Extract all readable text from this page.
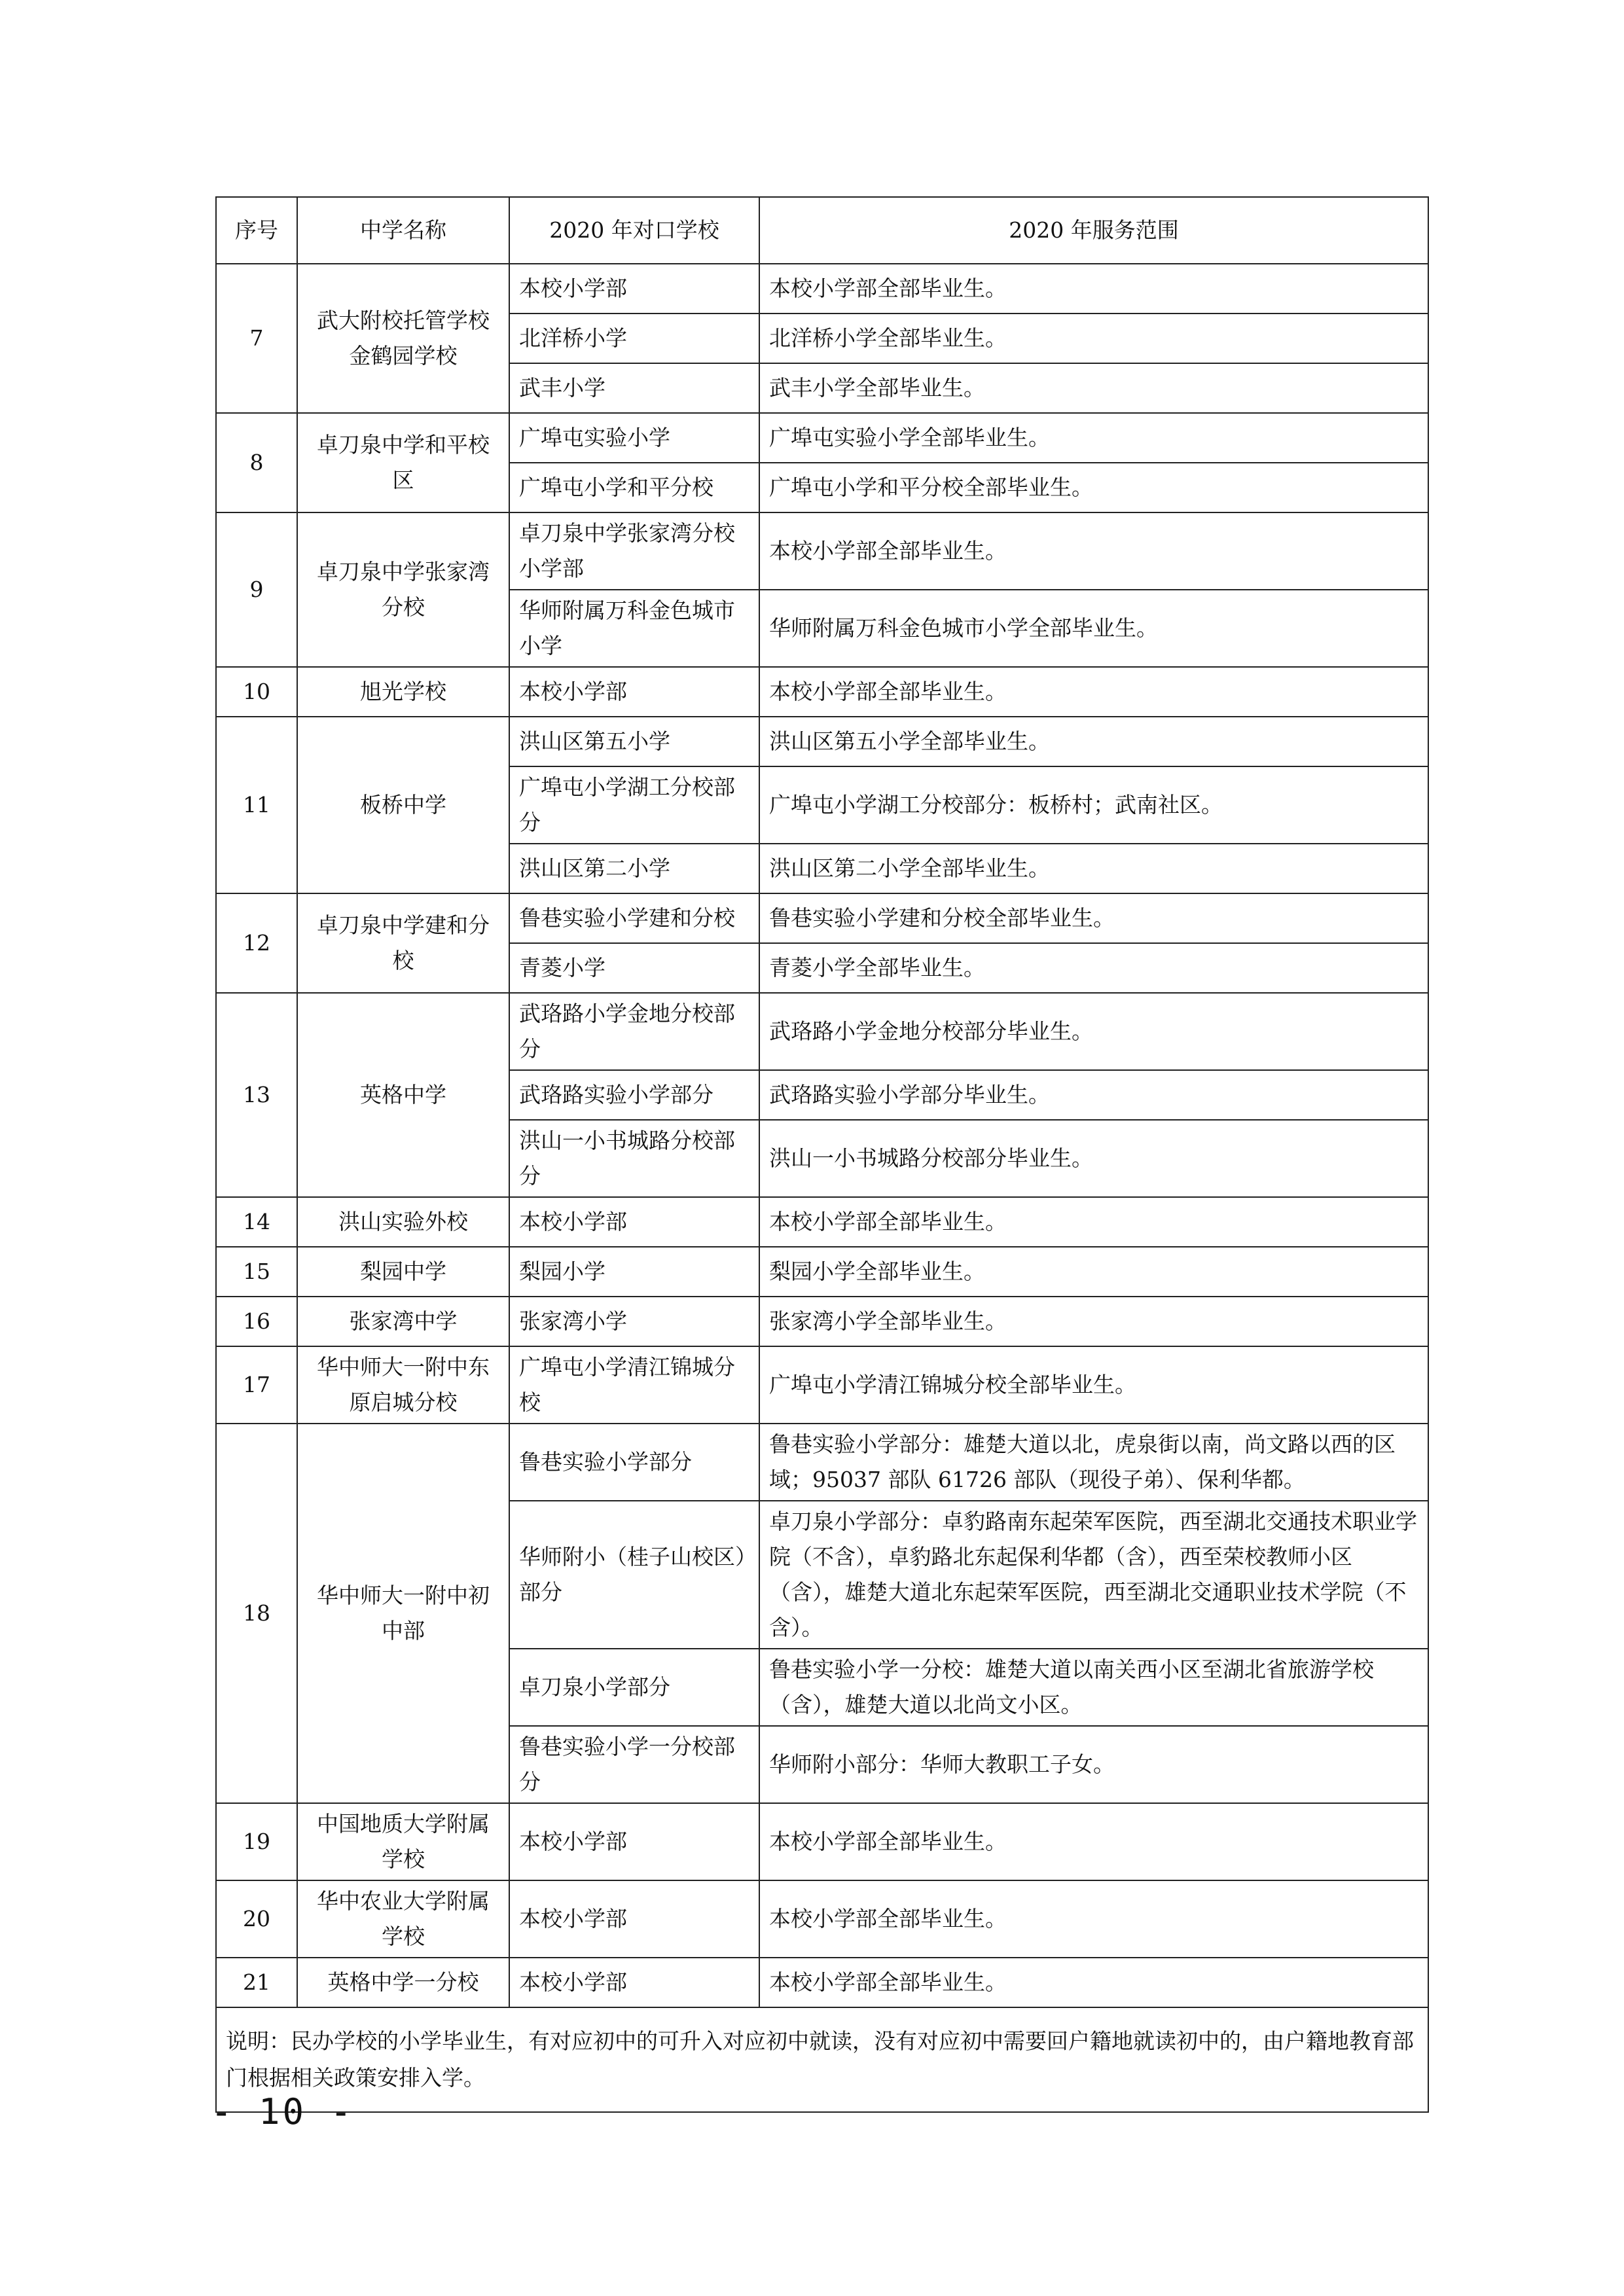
序号	中学名称	2020 年对口学校	2020 年服务范围
7	武大附校托管学校金鹤园学校	本校小学部	本校小学部全部毕业生。
		北洋桥小学	北洋桥小学全部毕业生。
		武丰小学	武丰小学全部毕业生。
8	卓刀泉中学和平校区	广埠屯实验小学	广埠屯实验小学全部毕业生。
		广埠屯小学和平分校	广埠屯小学和平分校全部毕业生。
9	卓刀泉中学张家湾分校	卓刀泉中学张家湾分校小学部	本校小学部全部毕业生。
		华师附属万科金色城市小学	华师附属万科金色城市小学全部毕业生。
10	旭光学校	本校小学部	本校小学部全部毕业生。
11	板桥中学	洪山区第五小学	洪山区第五小学全部毕业生。
		广埠屯小学湖工分校部分	广埠屯小学湖工分校部分：板桥村；武南社区。
		洪山区第二小学	洪山区第二小学全部毕业生。
12	卓刀泉中学建和分校	鲁巷实验小学建和分校	鲁巷实验小学建和分校全部毕业生。
		青菱小学	青菱小学全部毕业生。
13	英格中学	武珞路小学金地分校部分	武珞路小学金地分校部分毕业生。
		武珞路实验小学部分	武珞路实验小学部分毕业生。
		洪山一小书城路分校部分	洪山一小书城路分校部分毕业生。
14	洪山实验外校	本校小学部	本校小学部全部毕业生。
15	梨园中学	梨园小学	梨园小学全部毕业生。
16	张家湾中学	张家湾小学	张家湾小学全部毕业生。
17	华中师大一附中东原启城分校	广埠屯小学清江锦城分校	广埠屯小学清江锦城分校全部毕业生。
18	华中师大一附中初中部	鲁巷实验小学部分	鲁巷实验小学部分：雄楚大道以北，虎泉街以南，尚文路以西的区域；95037 部队 61726 部队（现役子弟）、保利华都。
		华师附小（桂子山校区）部分	卓刀泉小学部分：卓豹路南东起荣军医院，西至湖北交通技术职业学院（不含），卓豹路北东起保利华都（含），西至荣校教师小区（含），雄楚大道北东起荣军医院，西至湖北交通职业技术学院（不含）。
		卓刀泉小学部分	鲁巷实验小学一分校：雄楚大道以南关西小区至湖北省旅游学校（含），雄楚大道以北尚文小区。
		鲁巷实验小学一分校部分	华师附小部分：华师大教职工子女。
19	中国地质大学附属学校	本校小学部	本校小学部全部毕业生。
20	华中农业大学附属学校	本校小学部	本校小学部全部毕业生。
21	英格中学一分校	本校小学部	本校小学部全部毕业生。
说明：民办学校的小学毕业生，有对应初中的可升入对应初中就读，没有对应初中需要回户籍地就读初中的，由户籍地教育部门根据相关政策安排入学。			
- 10 -
